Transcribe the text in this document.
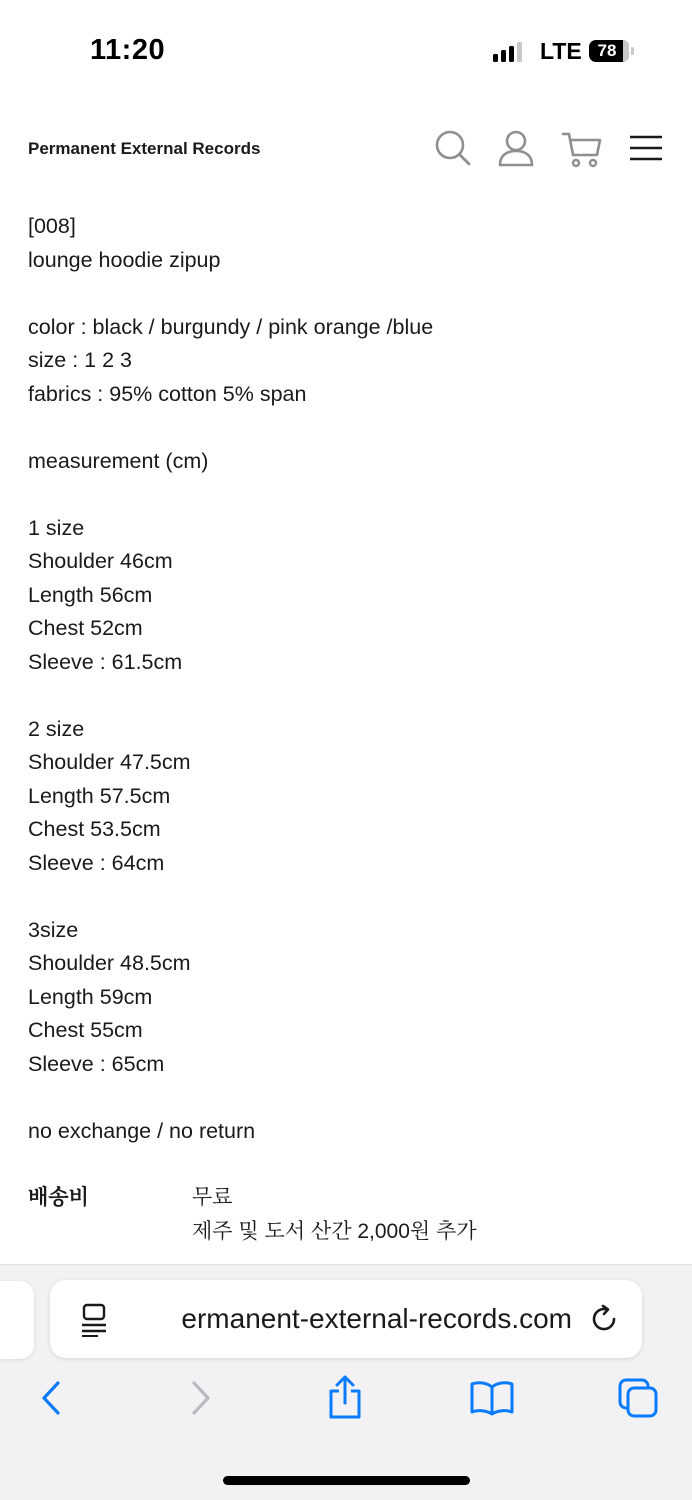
11:20	LTE 78
Permanent External Records
[008]
lounge hoodie zipup
color : black / burgundy / pink orange /blue
size : 1 2 3
fabrics : 95% cotton 5% span
measurement (cm)
1 size
Shoulder 46cm
Length 56cm
Chest 52cm
Sleeve : 61.5cm
2 size
Shoulder 47.5cm
Length 57.5cm
Chest 53.5cm
Sleeve : 64cm
3size
Shoulder 48.5cm
Length 59cm
Chest 55cm
Sleeve : 65cm
no exchange / no return
배송비	무료
제주 및 도서 산간 2,000원 추가
ermanent-external-records.com
